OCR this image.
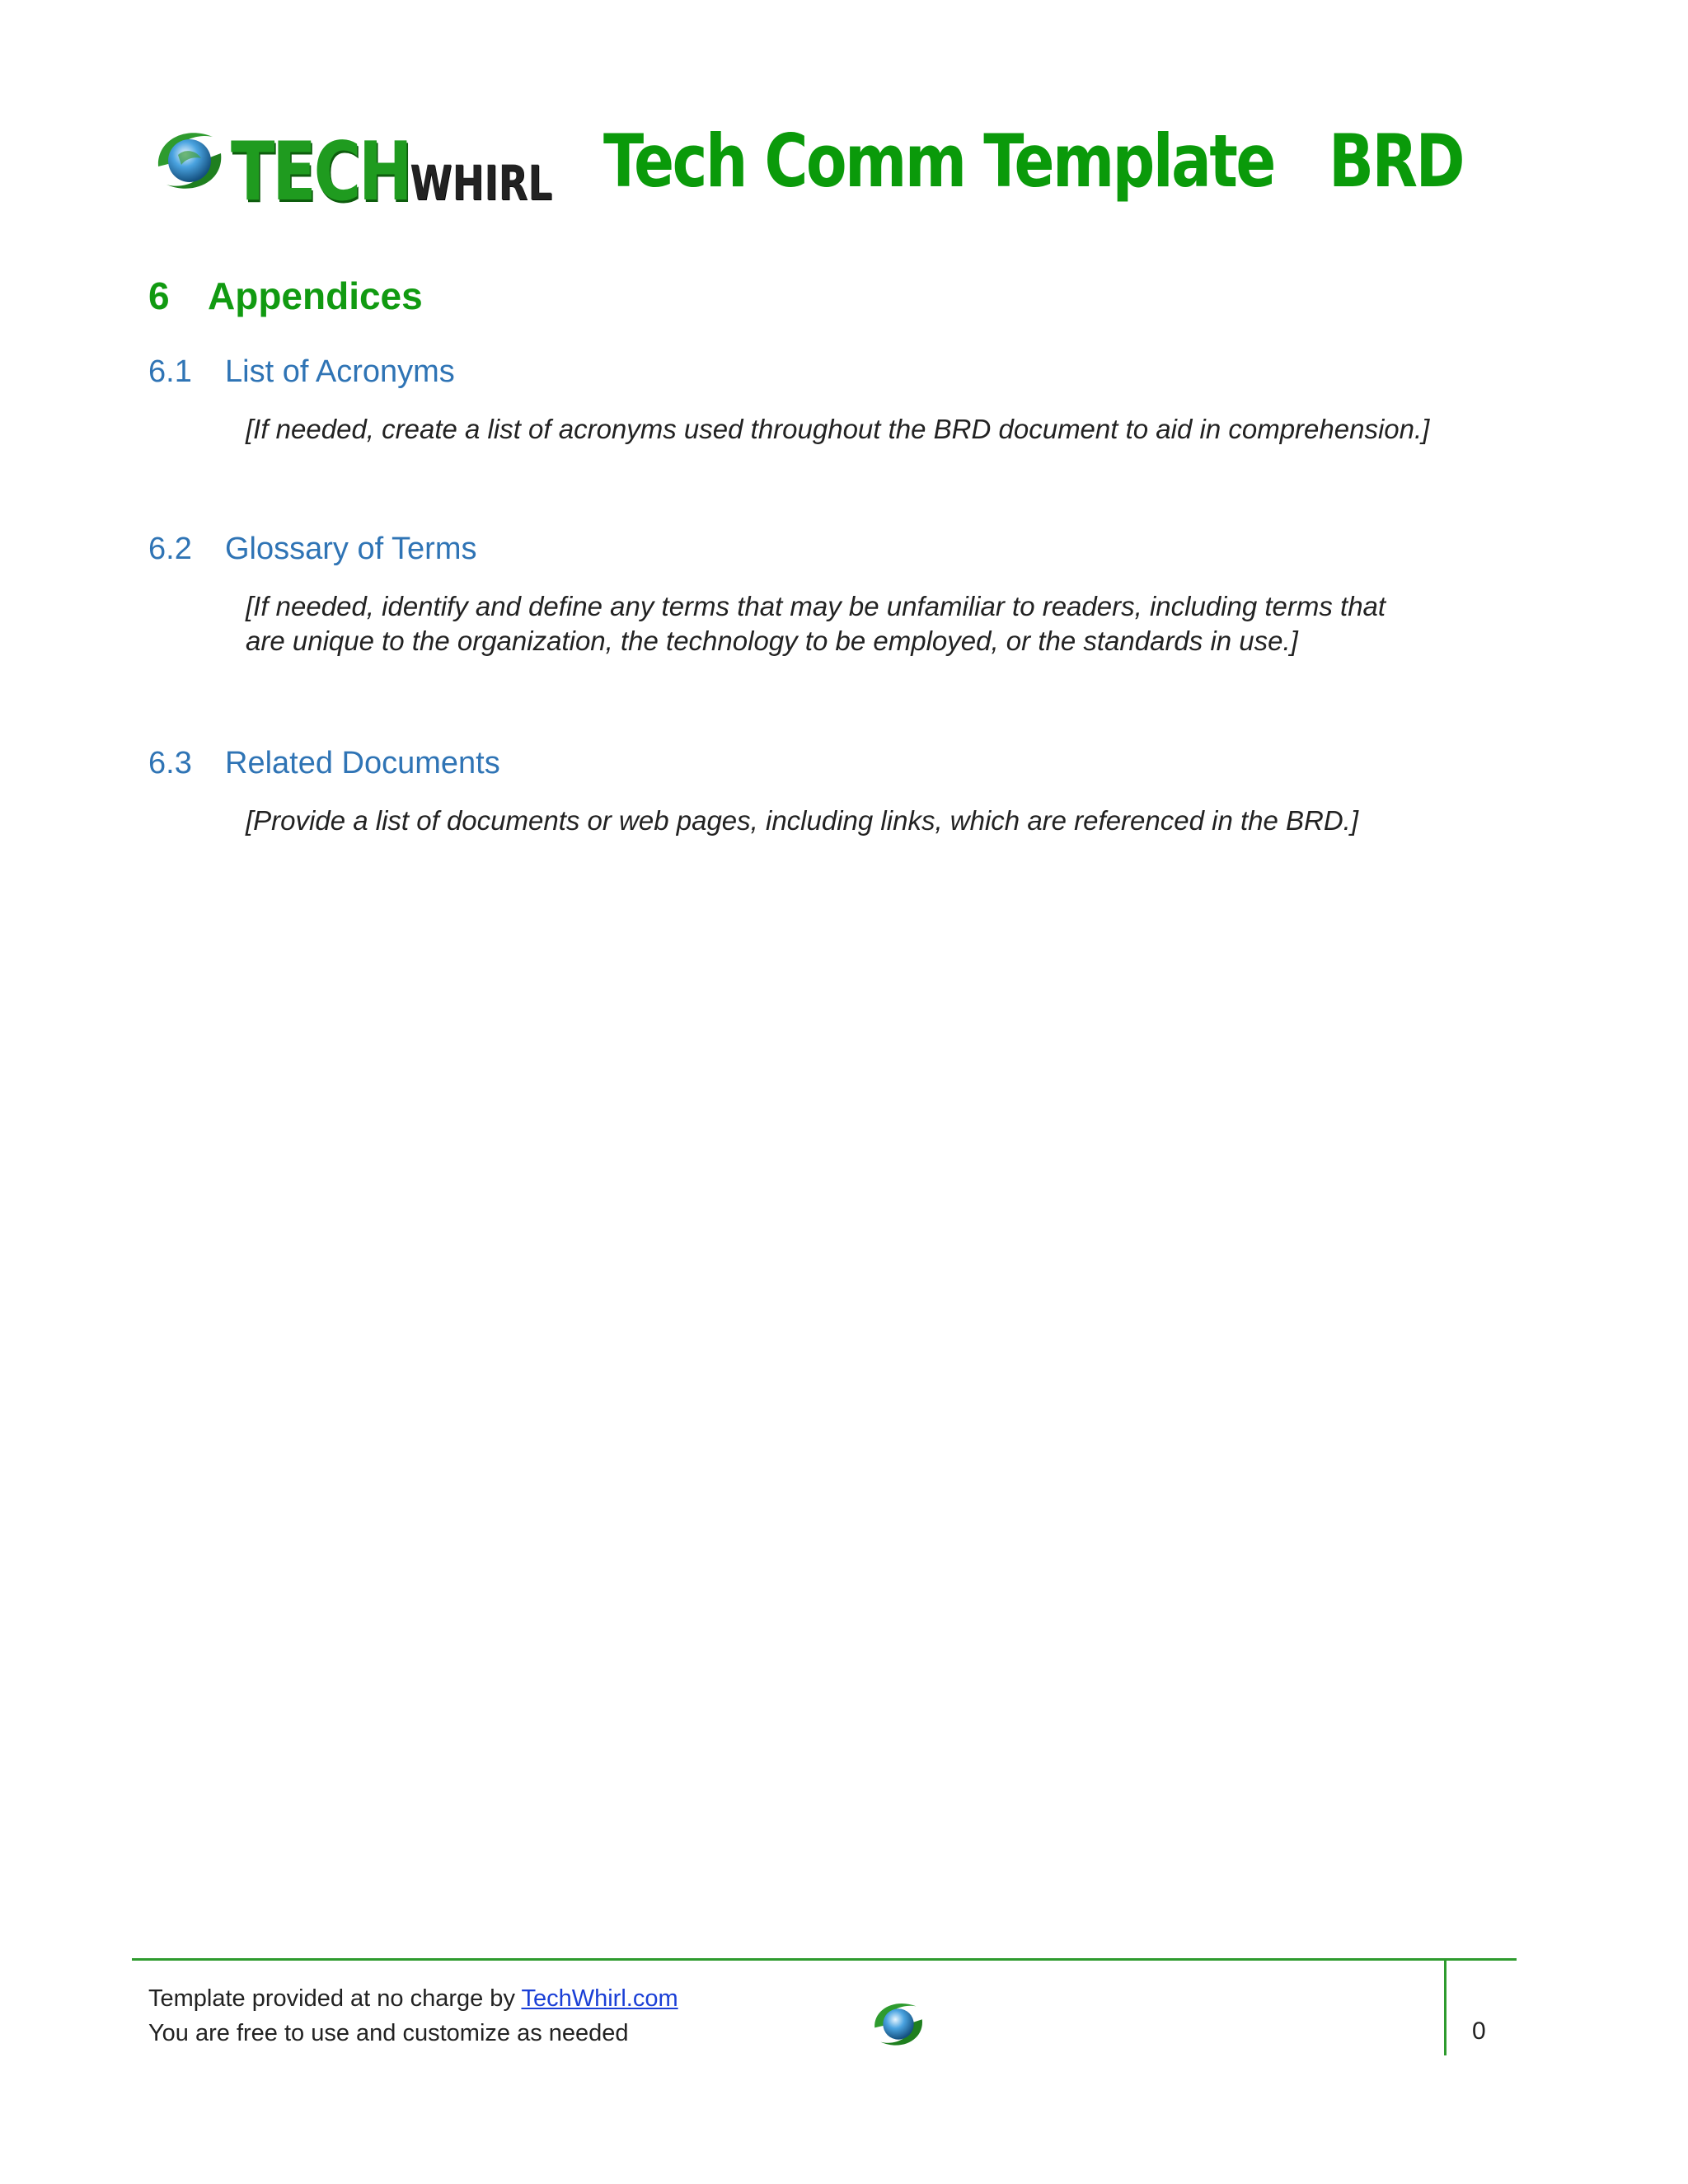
TECHWHIRL Tech Comm Template BRD
6 Appendices
6.1 List of Acronyms
[If needed, create a list of acronyms used throughout the BRD document to aid in comprehension.]
6.2 Glossary of Terms
[If needed, identify and define any terms that may be unfamiliar to readers, including terms that
are unique to the organization, the technology to be employed, or the standards in use.]
6.3 Related Documents
[Provide a list of documents or web pages, including links, which are referenced in the BRD.]
Template provided at no charge by TechWhirl.com
You are free to use and customize as needed	0
